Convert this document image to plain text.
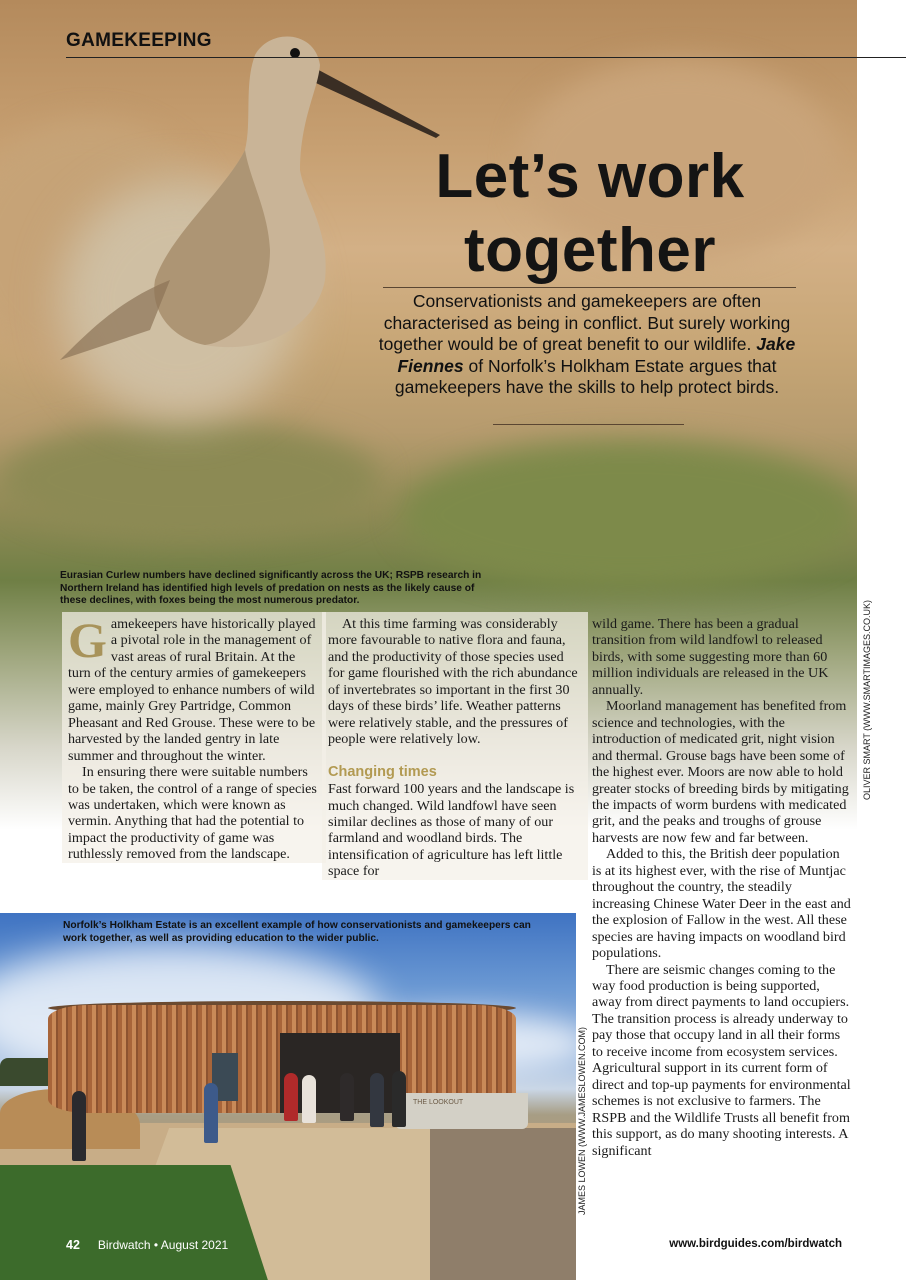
GAMEKEEPING
Let’s work together
Conservationists and gamekeepers are often characterised as being in conflict. But surely working together would be of great benefit to our wildlife. Jake Fiennes of Norfolk’s Holkham Estate argues that gamekeepers have the skills to help protect birds.
Eurasian Curlew numbers have declined significantly across the UK; RSPB research in Northern Ireland has identified high levels of predation on nests as the likely cause of these declines, with foxes being the most numerous predator.	OLIVER SMART (WWW.SMARTIMAGES.CO.UK)

Gamekeepers have historically played a pivotal role in the management of vast areas of rural Britain. At the turn of the century armies of gamekeepers were employed to enhance numbers of wild game, mainly Grey Partridge, Common Pheasant and Red Grouse. These were to be harvested by the landed gentry in late summer and throughout the winter.

In ensuring there were suitable numbers to be taken, the control of a range of species was undertaken, which were known as vermin. Anything that had the potential to impact the productivity of game was ruthlessly removed from the landscape.

At this time farming was considerably more favourable to native flora and fauna, and the productivity of those species used for game flourished with the rich abundance of invertebrates so important in the first 30 days of these birds’ life. Weather patterns were relatively stable, and the pressures of people were relatively low.

Changing times

Fast forward 100 years and the landscape is much changed. Wild landfowl have seen similar declines as those of many of our farmland and woodland birds. The intensification of agriculture has left little space for

THE LOOKOUT
Norfolk’s Holkham Estate is an excellent example of how conservationists and gamekeepers can work together, as well as providing education to the wider public.
JAMES LOWEN (WWW.JAMESLOWEN.COM)

wild game. There has been a gradual transition from wild landfowl to released birds, with some suggesting more than 60 million individuals are released in the UK annually.

Moorland management has benefited from science and technologies, with the introduction of medicated grit, night vision and thermal. Grouse bags have been some of the highest ever. Moors are now able to hold greater stocks of breeding birds by mitigating the impacts of worm burdens with medicated grit, and the peaks and troughs of grouse harvests are now few and far between.

Added to this, the British deer population is at its highest ever, with the rise of Muntjac throughout the country, the steadily increasing Chinese Water Deer in the east and the explosion of Fallow in the west. All these species are having impacts on woodland bird populations.

There are seismic changes coming to the way food production is being supported, away from direct payments to land occupiers. The transition process is already underway to pay those that occupy land in all their forms to receive income from ecosystem services. Agricultural support in its current form of direct and top-up payments for environmental schemes is not exclusive to farmers. The RSPB and the Wildlife Trusts all benefit from this support, as do many shooting interests. A significant

42 Birdwatch • August 2021	www.birdguides.com/birdwatch
